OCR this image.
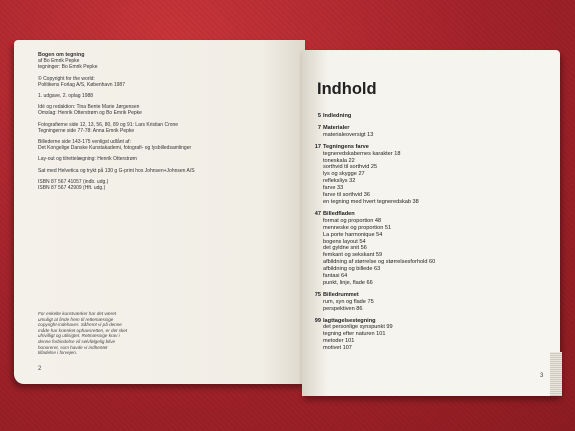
Bogen om tegning
af Bo Emrik Pepke
tegninger: Bo Emrik Pepke
© Copyright for the world:
Politikens Forlag A/S, København 1987
1. udgave, 2. oplag 1988
Idé og redaktion: Tina Bente Marie Jørgensen
Omslag: Henrik Otterstrøm og Bo Emrik Pepke
Fotografierne side 12, 13, 56, 80, 89 og 91: Lars Kristian Crone
Tegningerne side 77-78: Anna Emrik Pepke
Billederne side 143-175 venligst udlånt af:
Det Kongelige Danske Kunstakademi, fotografi- og lysbilledsamlinger
Lay-out og tilrettelægning: Henrik Otterstrøm
Sat med Helvetica og trykt på 130 g G-print hos Johnsen+Johnsen A/S
ISBN 87 567 41057 (indb. udg.)
ISBN 87 567 42909 (Hft. udg.)
For enkelte kunstværker har det været
umuligt at finde frem til rettemæssige
copyright-indehaver. Såfremt vi på denne
måde har krænket ophavsretten, er det sket
ufrivilligt og utilsigtet. Retmæssige krav i
denne forbindelse vil selvfølgelig blive
honoreret, som havde vi indhentet
tilladelse i forvejen.
2
Indhold
5 Indledning
7 Materialer
materialeoversigt 13
17 Tegningens farve
tegneredskabernes karakter 18
toneskala 22
sorthvid til sorthvid 25
lys og skygge 27
refleksliys 32
farve 33
farve til sorthvid 36
en tegning med hvert tegneredskab 38
47 Billedfladen
format og proportion 48
menneske og proportion 51
La porte harmonique 54
bogens layout 54
det gyldne snit 56
femkant og sekskant 59
afbildning af størrelse og størrelsesforhold 60
afbildning og billede 63
fantasi 64
punkt, linje, flade 66
75 Billedrummet
rum, syn og flade 75
perspektiven 86
99 Iagttagelsestegning
det personlige synspunkt 99
tegning efter naturen 101
metoder 101
motivet 107
3
